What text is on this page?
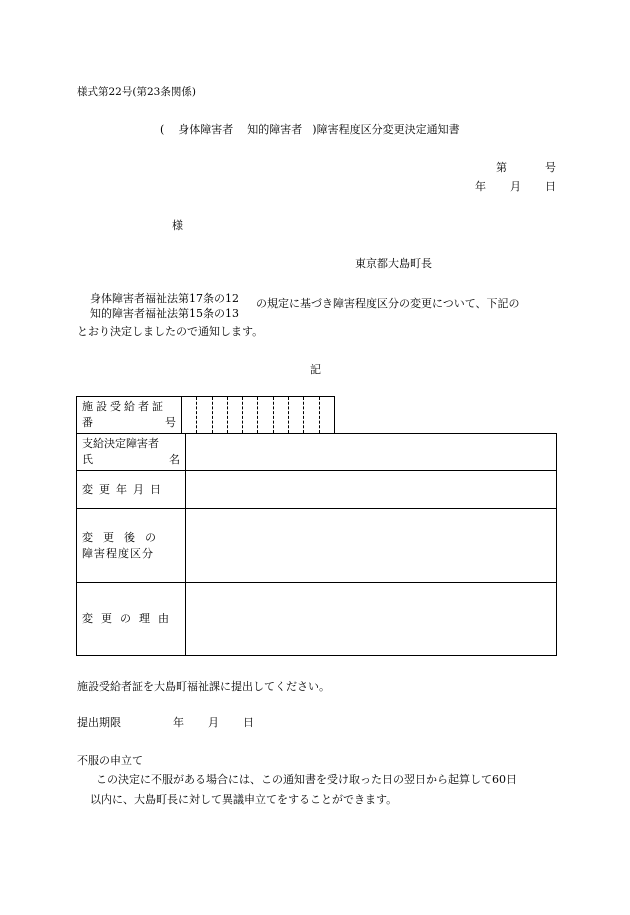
様式第22号(第23条関係)
( 身体障害者 知的障害者 )障害程度区分変更決定通知書
第	号
年 月 日
様
東京都大島町長
身体障害者福祉法第17条の12
知的障害者福祉法第15条の13
の規定に基づき障害程度区分の変更について、下記の
とおり決定しましたので通知します。
記
施設受給者証
番	号

支給決定障害者
氏 名	

変更年月日	

変更後の
障害程度区分	

変更の理由	

施設受給者証を大島町福祉課に提出してください。
提出期限	年 月 日
不服の申立て
この決定に不服がある場合には、この通知書を受け取った日の翌日から起算して60日
以内に、大島町長に対して異議申立てをすることができます。
